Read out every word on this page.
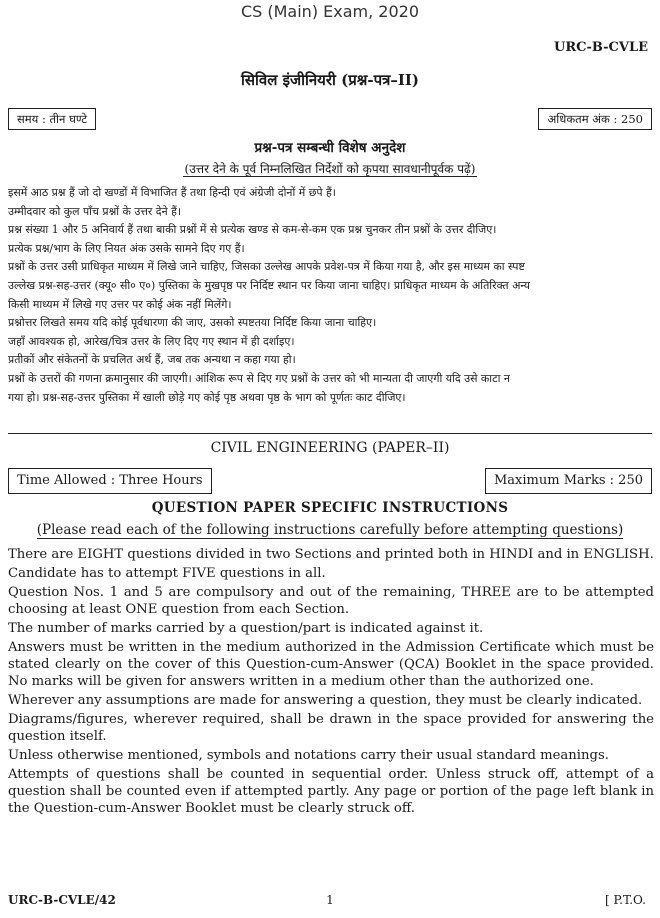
CS (Main) Exam, 2020
URC-B-CVLE
सिविल इंजीनियरी (प्रश्न-पत्र–II)
समय : तीन घण्टे	अधिकतम अंक : 250
प्रश्न-पत्र सम्बन्धी विशेष अनुदेश
(उत्तर देने के पूर्व निम्नलिखित निर्देशों को कृपया सावधानीपूर्वक पढ़ें)

इसमें आठ प्रश्न हैं जो दो खण्डों में विभाजित हैं तथा हिन्दी एवं अंग्रेजी दोनों में छपे हैं।

उम्मीदवार को कुल पाँच प्रश्नों के उत्तर देने हैं।

प्रश्न संख्या 1 और 5 अनिवार्य हैं तथा बाकी प्रश्नों में से प्रत्येक खण्ड से कम-से-कम एक प्रश्न चुनकर तीन प्रश्नों के उत्तर दीजिए।

प्रत्येक प्रश्न/भाग के लिए नियत अंक उसके सामने दिए गए हैं।

प्रश्नों के उत्तर उसी प्राधिकृत माध्यम में लिखे जाने चाहिए, जिसका उल्लेख आपके प्रवेश-पत्र में किया गया है, और इस माध्यम का स्पष्ट

उल्लेख प्रश्न-सह-उत्तर (क्यू० सी० ए०) पुस्तिका के मुखपृष्ठ पर निर्दिष्ट स्थान पर किया जाना चाहिए। प्राधिकृत माध्यम के अतिरिक्त अन्य

किसी माध्यम में लिखे गए उत्तर पर कोई अंक नहीं मिलेंगे।

प्रश्नोत्तर लिखते समय यदि कोई पूर्वधारणा की जाए, उसको स्पष्टतया निर्दिष्ट किया जाना चाहिए।

जहाँ आवश्यक हो, आरेख/चित्र उत्तर के लिए दिए गए स्थान में ही दर्शाइए।

प्रतीकों और संकेतनों के प्रचलित अर्थ हैं, जब तक अन्यथा न कहा गया हो।

प्रश्नों के उत्तरों की गणना क्रमानुसार की जाएगी। आंशिक रूप से दिए गए प्रश्नों के उत्तर को भी मान्यता दी जाएगी यदि उसे काटा न

गया हो। प्रश्न-सह-उत्तर पुस्तिका में खाली छोड़े गए कोई पृष्ठ अथवा पृष्ठ के भाग को पूर्णतः काट दीजिए।

CIVIL ENGINEERING (PAPER–II)
Time Allowed : Three Hours	Maximum Marks : 250
QUESTION PAPER SPECIFIC INSTRUCTIONS
(Please read each of the following instructions carefully before attempting questions)

There are EIGHT questions divided in two Sections and printed both in HINDI and in ENGLISH.

Candidate has to attempt FIVE questions in all.

Question Nos. 1 and 5 are compulsory and out of the remaining, THREE are to be attempted choosing at least ONE question from each Section.

The number of marks carried by a question/part is indicated against it.

Answers must be written in the medium authorized in the Admission Certificate which must be stated clearly on the cover of this Question-cum-Answer (QCA) Booklet in the space provided. No marks will be given for answers written in a medium other than the authorized one.

Wherever any assumptions are made for answering a question, they must be clearly indicated.

Diagrams/figures, wherever required, shall be drawn in the space provided for answering the question itself.

Unless otherwise mentioned, symbols and notations carry their usual standard meanings.

Attempts of questions shall be counted in sequential order. Unless struck off, attempt of a question shall be counted even if attempted partly. Any page or portion of the page left blank in the Question-cum-Answer Booklet must be clearly struck off.

URC-B-CVLE/42	1	[ P.T.O.
